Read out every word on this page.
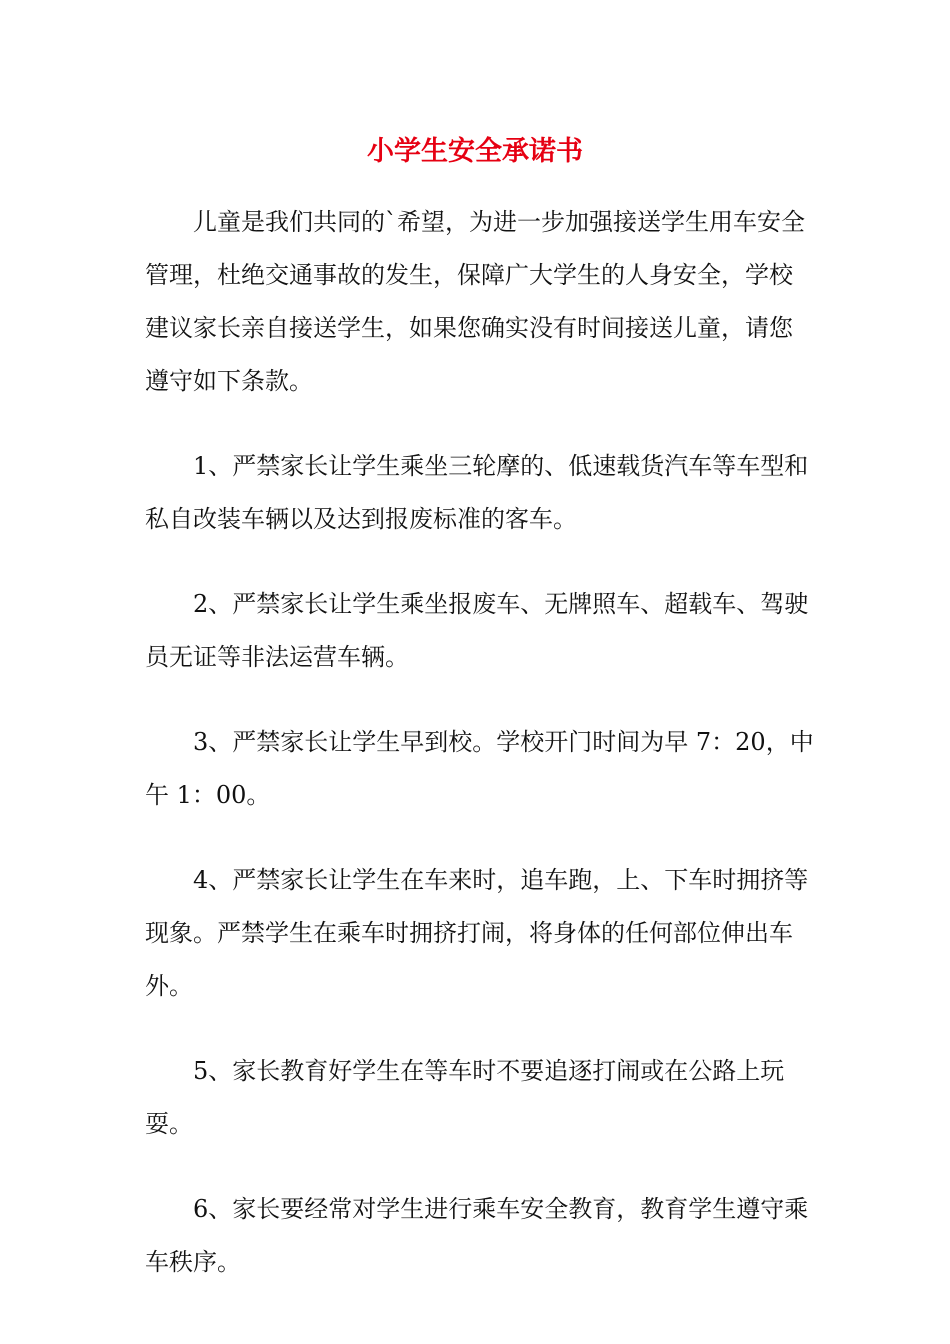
小学生安全承诺书

儿童是我们共同的`希望，为进一步加强接送学生用车安全
管理，杜绝交通事故的发生，保障广大学生的人身安全，学校
建议家长亲自接送学生，如果您确实没有时间接送儿童，请您
遵守如下条款。

1、严禁家长让学生乘坐三轮摩的、低速载货汽车等车型和
私自改装车辆以及达到报废标准的客车。

2、严禁家长让学生乘坐报废车、无牌照车、超载车、驾驶
员无证等非法运营车辆。

3、严禁家长让学生早到校。学校开门时间为早 7：20，中
午 1：00。

4、严禁家长让学生在车来时，追车跑，上、下车时拥挤等
现象。严禁学生在乘车时拥挤打闹，将身体的任何部位伸出车
外。

5、家长教育好学生在等车时不要追逐打闹或在公路上玩耍。

6、家长要经常对学生进行乘车安全教育，教育学生遵守乘
车秩序。
